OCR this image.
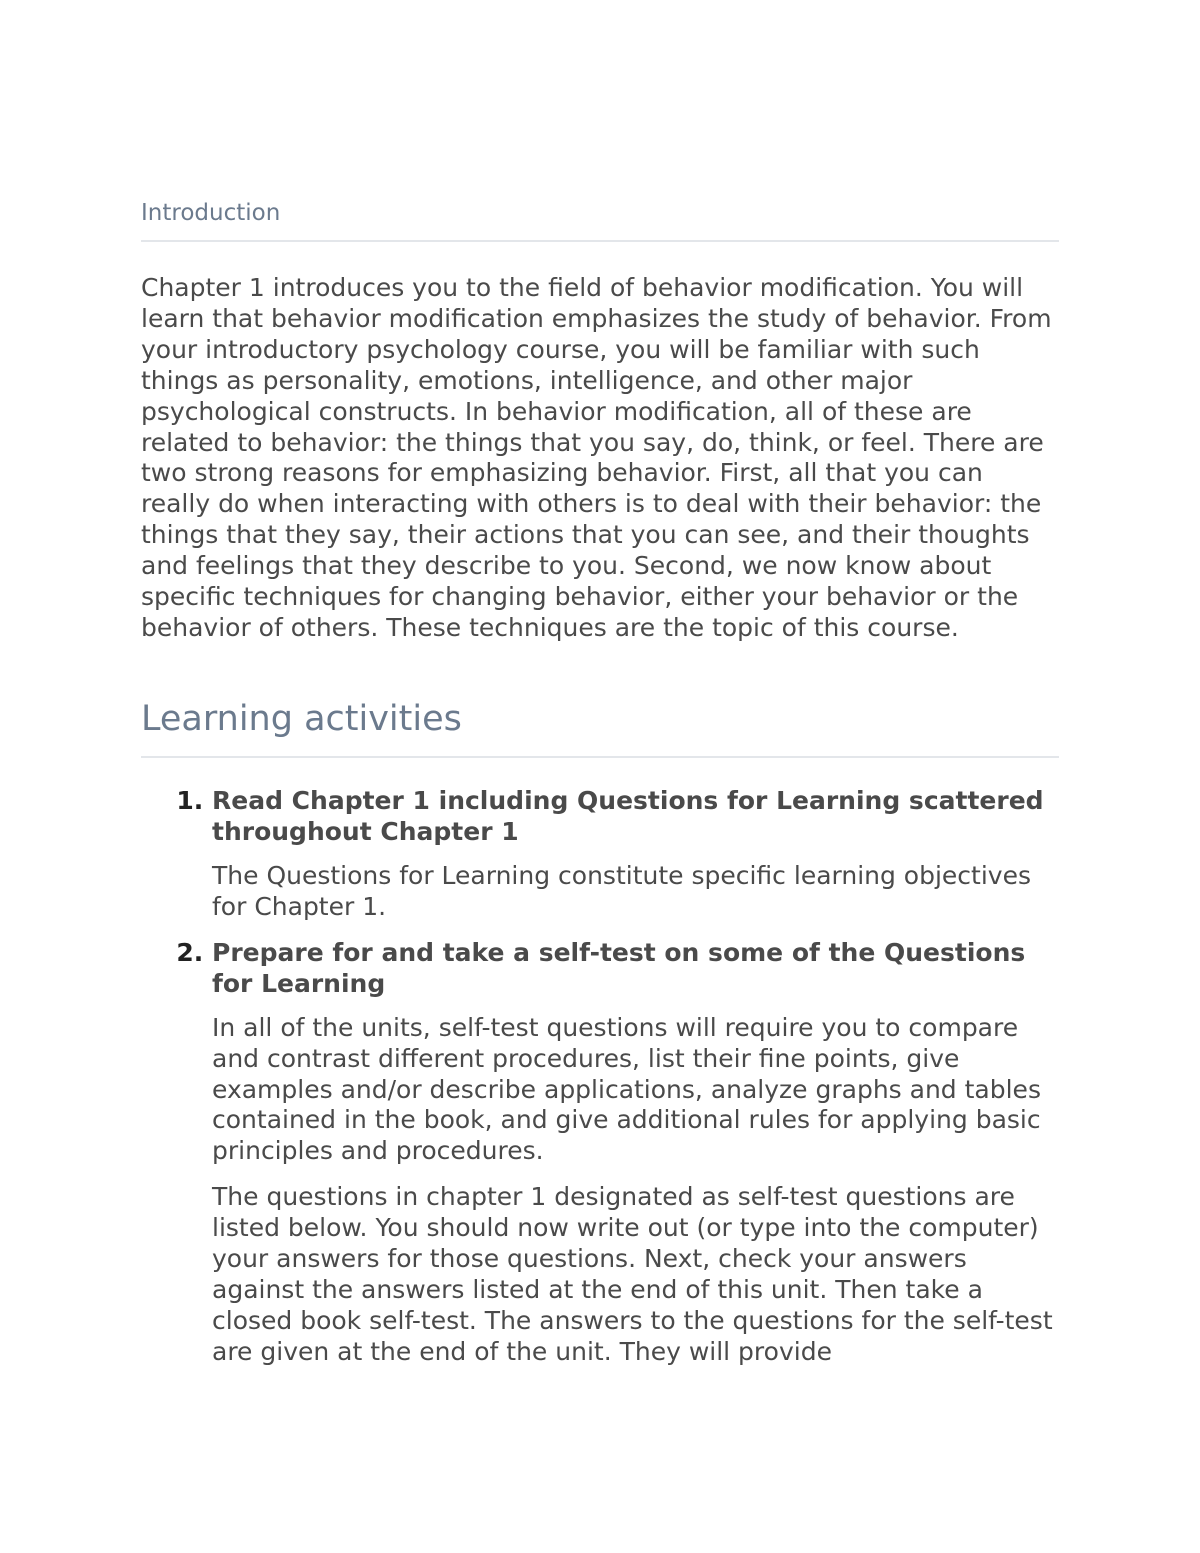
Introduction

Chapter 1 introduces you to the field of behavior modification. You will learn that behavior modification emphasizes the study of behavior. From your introductory psychology course, you will be familiar with such things as personality, emotions, intelligence, and other major psychological constructs. In behavior modification, all of these are related to behavior: the things that you say, do, think, or feel. There are two strong reasons for emphasizing behavior. First, all that you can really do when interacting with others is to deal with their behavior: the things that they say, their actions that you can see, and their thoughts and feelings that they describe to you. Second, we now know about specific techniques for changing behavior, either your behavior or the behavior of others. These techniques are the topic of this course.

Learning activities

1. Read Chapter 1 including Questions for Learning scattered throughout Chapter 1

The Questions for Learning constitute specific learning objectives for Chapter 1.

2. Prepare for and take a self-test on some of the Questions for Learning

In all of the units, self-test questions will require you to compare and contrast different procedures, list their fine points, give examples and/or describe applications, analyze graphs and tables contained in the book, and give additional rules for applying basic principles and procedures.

The questions in chapter 1 designated as self-test questions are listed below. You should now write out (or type into the computer) your answers for those questions. Next, check your answers against the answers listed at the end of this unit. Then take a closed book self-test. The answers to the questions for the self-test are given at the end of the unit. They will provide
